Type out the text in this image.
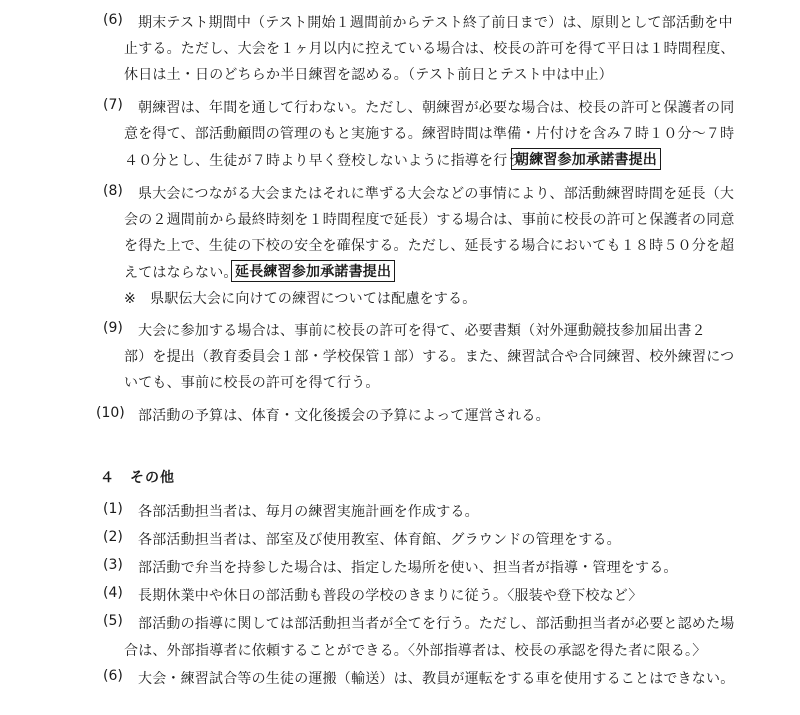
(6) 期末テスト期間中（テスト開始１週間前からテスト終了前日まで）は、原則として部活動を中
止する。ただし、大会を１ヶ月以内に控えている場合は、校長の許可を得て平日は１時間程度、
休日は土・日のどちらか半日練習を認める。（テスト前日とテスト中は中止）
(7) 朝練習は、年間を通して行わない。ただし、朝練習が必要な場合は、校長の許可と保護者の同
意を得て、部活動顧問の管理のもと実施する。練習時間は準備・片付けを含み７時１０分～７時
４０分とし、生徒が７時より早く登校しないように指導を行う。
朝練習参加承諾書提出
(8) 県大会につながる大会またはそれに準ずる大会などの事情により、部活動練習時間を延長（大
会の２週間前から最終時刻を１時間程度で延長）する場合は、事前に校長の許可と保護者の同意
を得た上で、生徒の下校の安全を確保する。ただし、延長する場合においても１８時５０分を超
えてはならない。
延長練習参加承諾書提出
※　県駅伝大会に向けての練習については配慮をする。
(9) 大会に参加する場合は、事前に校長の許可を得て、必要書類（対外運動競技参加届出書２
部）を提出（教育委員会１部・学校保管１部）する。また、練習試合や合同練習、校外練習につ
いても、事前に校長の許可を得て行う。
(10) 部活動の予算は、体育・文化後援会の予算によって運営される。
４　その他
(1) 各部活動担当者は、毎月の練習実施計画を作成する。
(2) 各部活動担当者は、部室及び使用教室、体育館、グラウンドの管理をする。
(3) 部活動で弁当を持参した場合は、指定した場所を使い、担当者が指導・管理をする。
(4) 長期休業中や休日の部活動も普段の学校のきまりに従う。〈服装や登下校など〉
(5) 部活動の指導に関しては部活動担当者が全てを行う。ただし、部活動担当者が必要と認めた場
合は、外部指導者に依頼することができる。〈外部指導者は、校長の承認を得た者に限る。〉
(6) 大会・練習試合等の生徒の運搬（輸送）は、教員が運転をする車を使用することはできない。
